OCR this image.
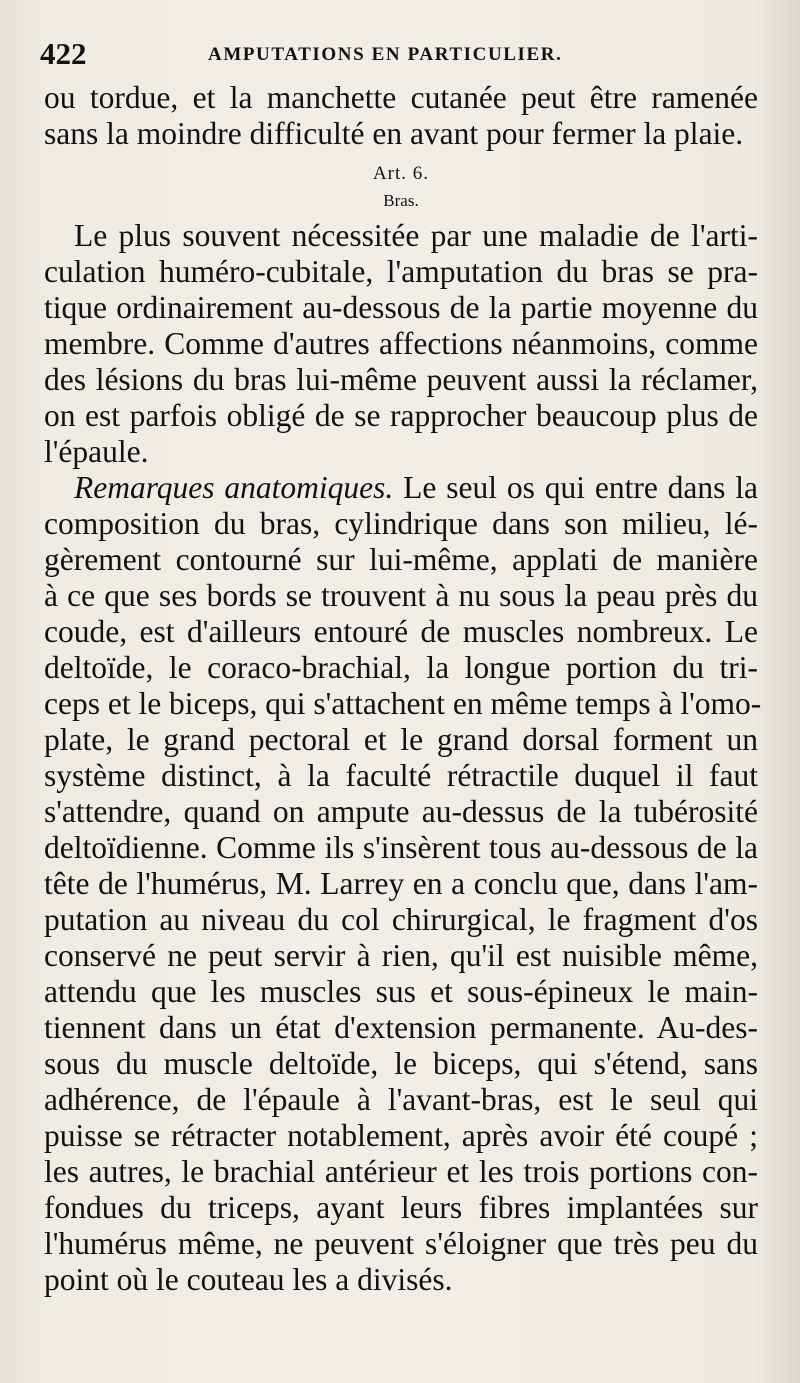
422	AMPUTATIONS EN PARTICULIER.
ou tordue, et la manchette cutanée peut être ramenée
sans la moindre difficulté en avant pour fermer la plaie.
Art. 6.
Bras.
Le plus souvent nécessitée par une maladie de l'arti-
culation huméro-cubitale, l'amputation du bras se pra-
tique ordinairement au-dessous de la partie moyenne du
membre. Comme d'autres affections néanmoins, comme
des lésions du bras lui-même peuvent aussi la réclamer,
on est parfois obligé de se rapprocher beaucoup plus de
l'épaule.
Remarques anatomiques. Le seul os qui entre dans la
composition du bras, cylindrique dans son milieu, lé-
gèrement contourné sur lui-même, applati de manière
à ce que ses bords se trouvent à nu sous la peau près du
coude, est d'ailleurs entouré de muscles nombreux. Le
deltoïde, le coraco-brachial, la longue portion du tri-
ceps et le biceps, qui s'attachent en même temps à l'omo-
plate, le grand pectoral et le grand dorsal forment un
système distinct, à la faculté rétractile duquel il faut
s'attendre, quand on ampute au-dessus de la tubérosité
deltoïdienne. Comme ils s'insèrent tous au-dessous de la
tête de l'humérus, M. Larrey en a conclu que, dans l'am-
putation au niveau du col chirurgical, le fragment d'os
conservé ne peut servir à rien, qu'il est nuisible même,
attendu que les muscles sus et sous-épineux le main-
tiennent dans un état d'extension permanente. Au-des-
sous du muscle deltoïde, le biceps, qui s'étend, sans
adhérence, de l'épaule à l'avant-bras, est le seul qui
puisse se rétracter notablement, après avoir été coupé ;
les autres, le brachial antérieur et les trois portions con-
fondues du triceps, ayant leurs fibres implantées sur
l'humérus même, ne peuvent s'éloigner que très peu du
point où le couteau les a divisés.
